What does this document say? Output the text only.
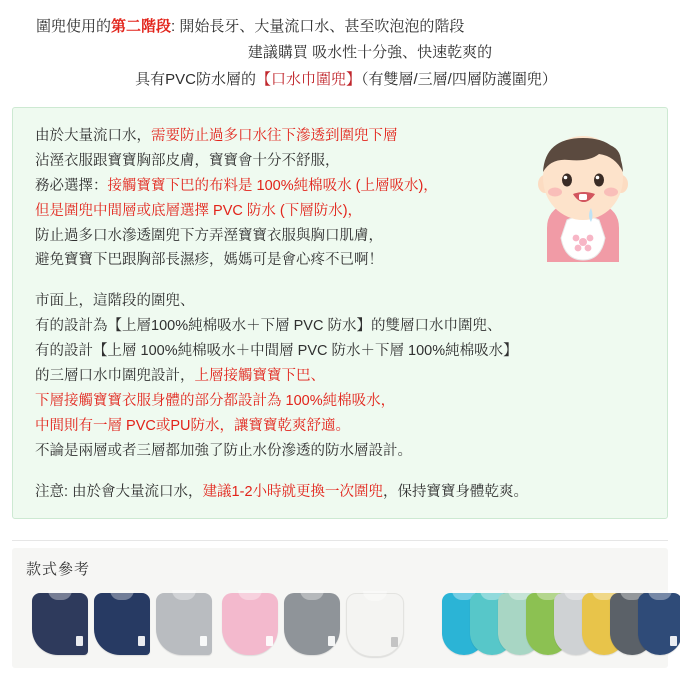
圍兜使用的第二階段: 開始長牙、大量流口水、甚至吹泡泡的階段
建議購買 吸水性十分強、快速乾爽的
具有PVC防水層的【口水巾圍兜】（有雙層/三層/四層防護圍兜）

由於大量流口水，需要防止過多口水往下滲透到圍兜下層

沾溼衣服跟寶寶胸部皮膚，寶寶會十分不舒服，

務必選擇：接觸寶寶下巴的布料是 100%純棉吸水 (上層吸水)，

但是圍兜中間層或底層選擇 PVC 防水 (下層防水)，

防止過多口水滲透圍兜下方弄溼寶寶衣服與胸口肌膚，

避免寶寶下巴跟胸部長濕疹，媽媽可是會心疼不已啊！

市面上，這階段的圍兜、

有的設計為【上層100%純棉吸水＋下層 PVC 防水】的雙層口水巾圍兜、

有的設計【上層 100%純棉吸水＋中間層 PVC 防水＋下層 100%純棉吸水】

的三層口水巾圍兜設計，上層接觸寶寶下巴、

下層接觸寶寶衣服身體的部分都設計為 100%純棉吸水，

中間則有一層 PVC或PU防水，讓寶寶乾爽舒適。

不論是兩層或者三層都加強了防止水份滲透的防水層設計。

注意: 由於會大量流口水，建議1-2小時就更換一次圍兜，保持寶寶身體乾爽。

款式參考
